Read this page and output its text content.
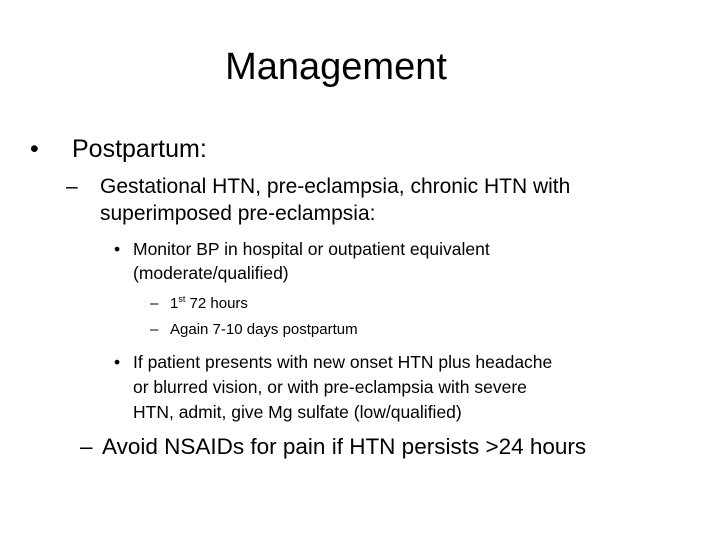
Management
• Postpartum:
– Gestational HTN, pre-eclampsia, chronic HTN with
superimposed pre-eclampsia:
• Monitor BP in hospital or outpatient equivalent
(moderate/qualified)
– 1st 72 hours
– Again 7-10 days postpartum
• If patient presents with new onset HTN plus headache
or blurred vision, or with pre-eclampsia with severe
HTN, admit, give Mg sulfate (low/qualified)
– Avoid NSAIDs for pain if HTN persists >24 hours
